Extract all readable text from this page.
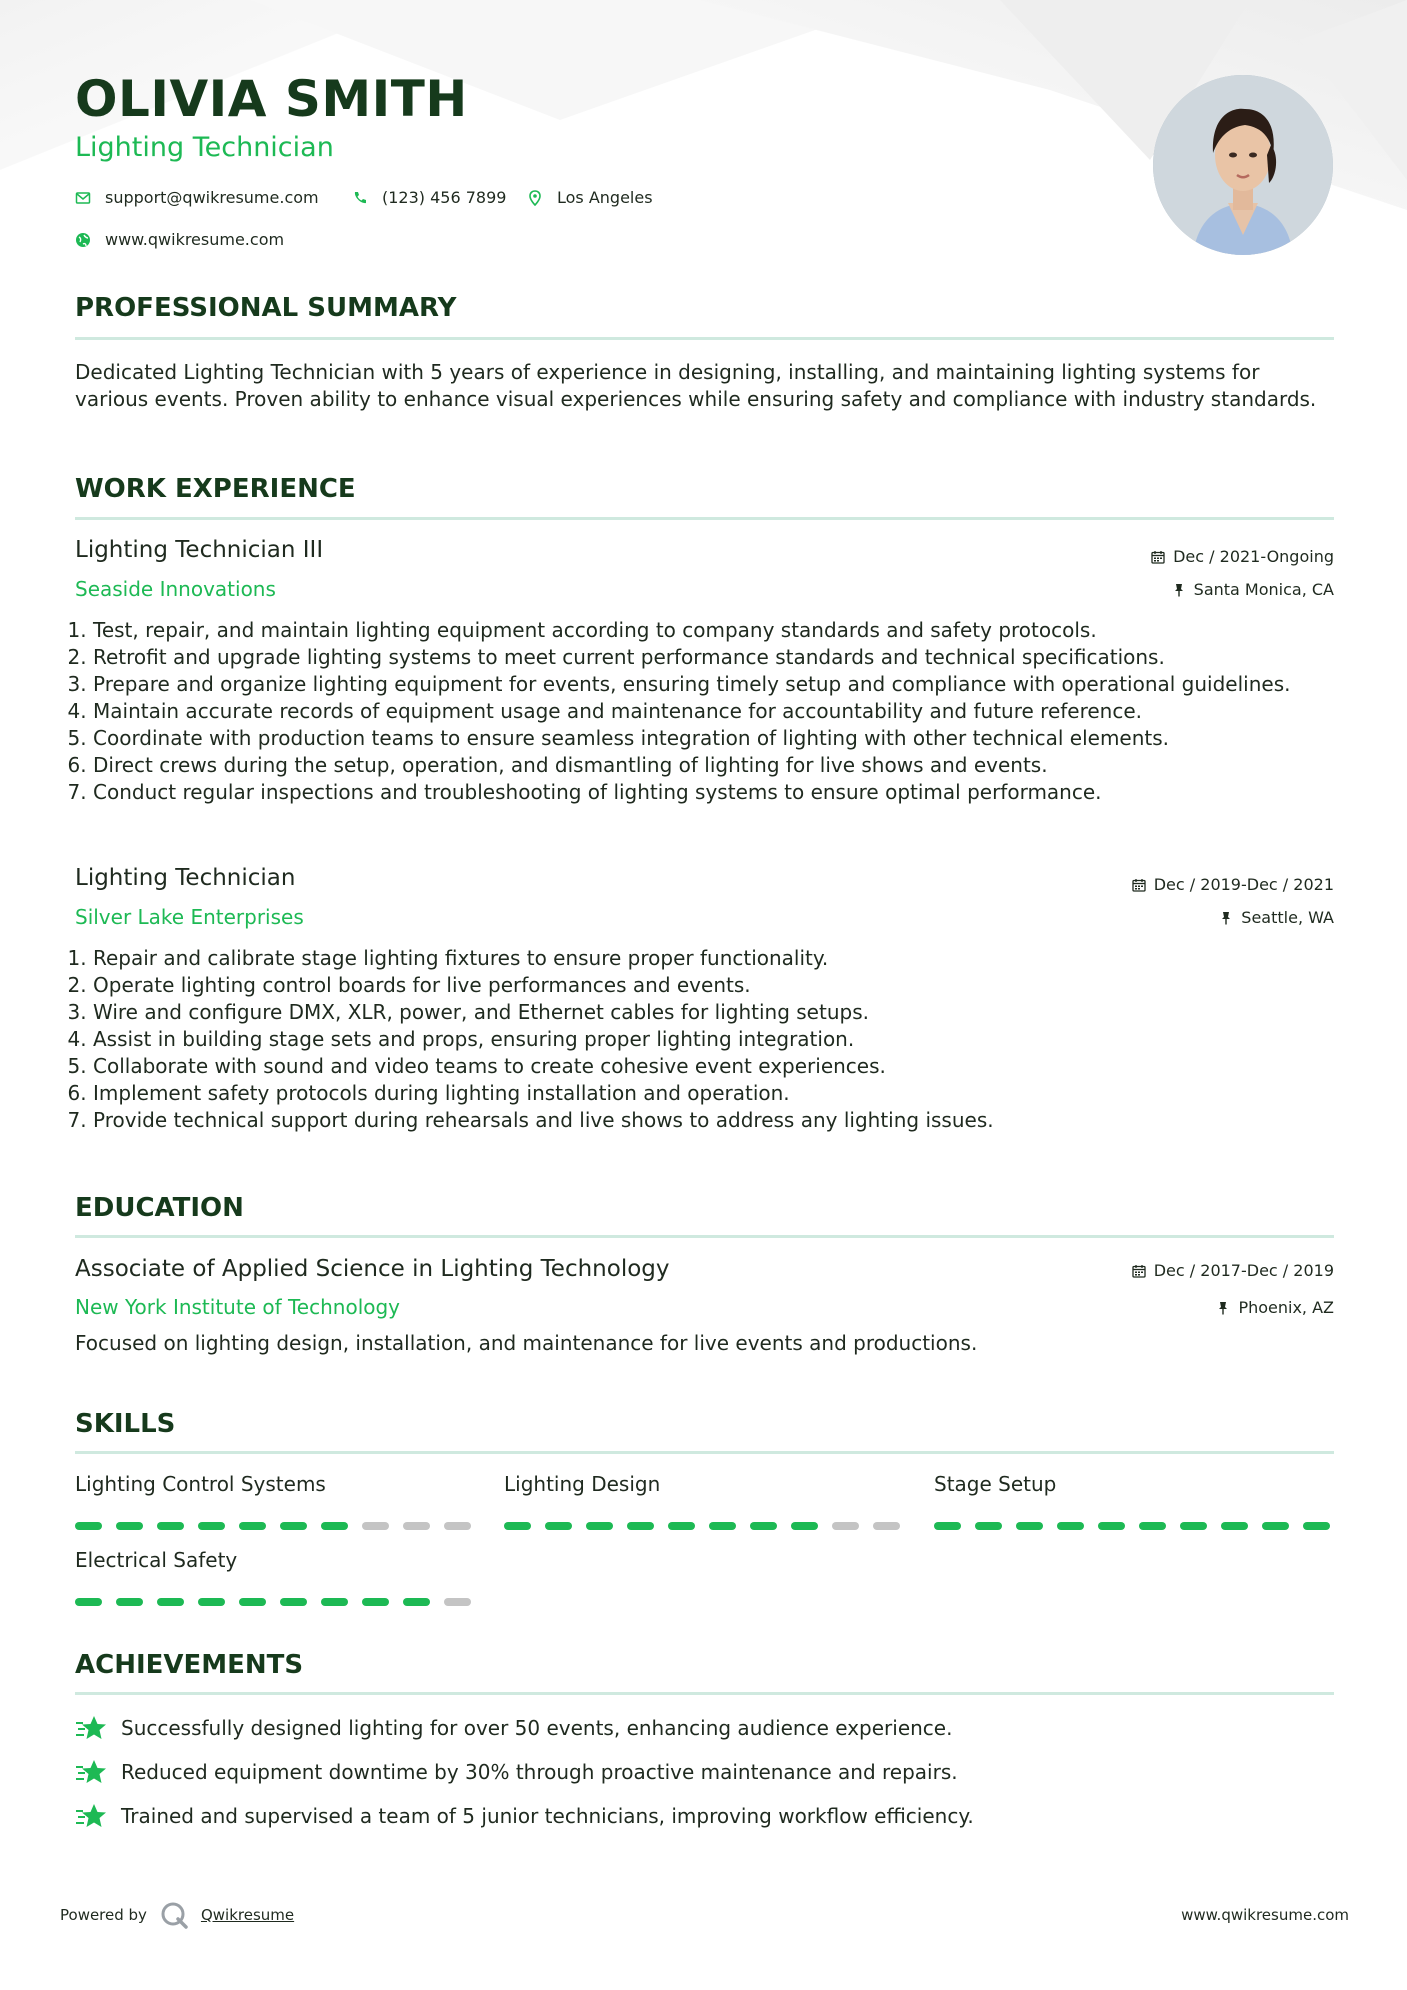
OLIVIA SMITH
Lighting Technician
support@qwikresume.com	(123) 456 7899	Los Angeles
www.qwikresume.com
PROFESSIONAL SUMMARY

Dedicated Lighting Technician with 5 years of experience in designing, installing, and maintaining lighting systems for various events. Proven ability to enhance visual experiences while ensuring safety and compliance with industry standards.

WORK EXPERIENCE
Lighting Technician III	Dec / 2021-Ongoing
Seaside Innovations	Santa Monica, CA
1. Test, repair, and maintain lighting equipment according to company standards and safety protocols.
2. Retrofit and upgrade lighting systems to meet current performance standards and technical specifications.
3. Prepare and organize lighting equipment for events, ensuring timely setup and compliance with operational guidelines.
4. Maintain accurate records of equipment usage and maintenance for accountability and future reference.
5. Coordinate with production teams to ensure seamless integration of lighting with other technical elements.
6. Direct crews during the setup, operation, and dismantling of lighting for live shows and events.
7. Conduct regular inspections and troubleshooting of lighting systems to ensure optimal performance.
Lighting Technician	Dec / 2019-Dec / 2021
Silver Lake Enterprises	Seattle, WA
1. Repair and calibrate stage lighting fixtures to ensure proper functionality.
2. Operate lighting control boards for live performances and events.
3. Wire and configure DMX, XLR, power, and Ethernet cables for lighting setups.
4. Assist in building stage sets and props, ensuring proper lighting integration.
5. Collaborate with sound and video teams to create cohesive event experiences.
6. Implement safety protocols during lighting installation and operation.
7. Provide technical support during rehearsals and live shows to address any lighting issues.
EDUCATION
Associate of Applied Science in Lighting Technology	Dec / 2017-Dec / 2019
New York Institute of Technology	Phoenix, AZ

Focused on lighting design, installation, and maintenance for live events and productions.

SKILLS
Lighting Control Systems	Lighting Design	Stage Setup
Electrical Safety
ACHIEVEMENTS
Successfully designed lighting for over 50 events, enhancing audience experience.
Reduced equipment downtime by 30% through proactive maintenance and repairs.
Trained and supervised a team of 5 junior technicians, improving workflow efficiency.
Powered by	Qwikresume	www.qwikresume.com
